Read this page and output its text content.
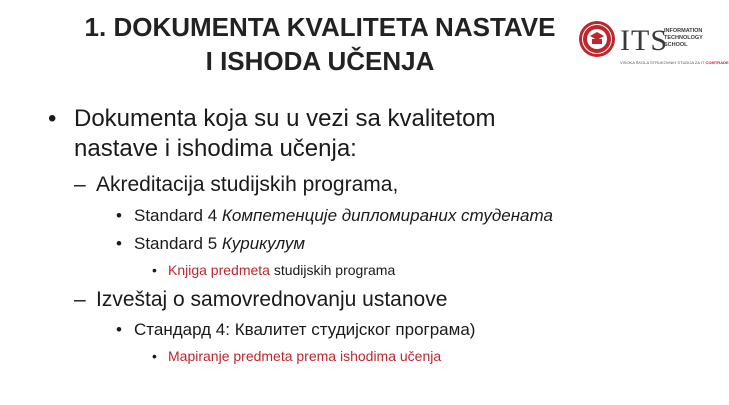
1. DOKUMENTA KVALITETA NASTAVE
I ISHODA UČENJA
ITS
INFORMATION
TECHNOLOGY
SCHOOL
VISOKA ŠKOLA STRUKOVNIH STUDIJA ZA IT COMTRADE
• Dokumenta koja su u vezi sa kvalitetom
nastave i ishodima učenja:
– Akreditacija studijskih programa,
• Standard 4 Компетенције дипломираних студената
• Standard 5 Курикулум
• Knjiga predmeta studijskih programa
– Izveštaj o samovrednovanju ustanove
• Стандард 4: Квалитет студијског програма)
• Mapiranje predmeta prema ishodima učenja
